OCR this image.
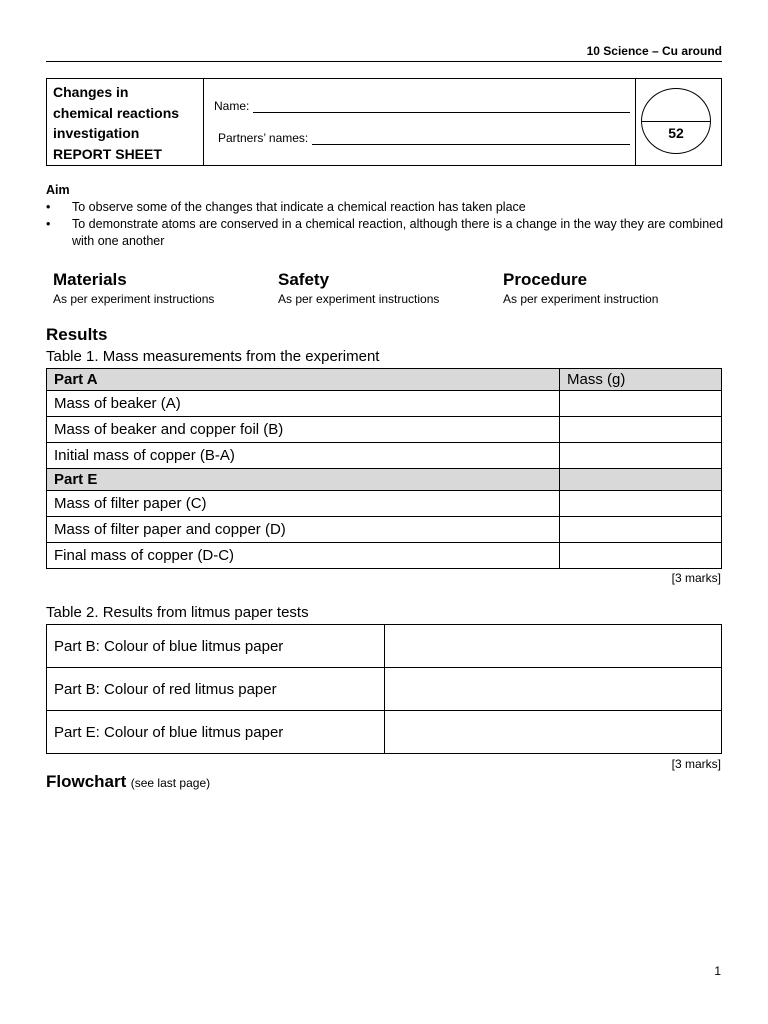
10 Science – Cu around
Changes in
chemical reactions
investigation
REPORT SHEET
Name:
Partners’ names:	52
Aim
• To observe some of the changes that indicate a chemical reaction has taken place
• To demonstrate atoms are conserved in a chemical reaction, although there is a change in the way they are combined with one another
Materials
As per experiment instructions
Safety
As per experiment instructions
Procedure
As per experiment instruction
Results
Table 1. Mass measurements from the experiment
Part A	Mass (g)
Mass of beaker (A)	
Mass of beaker and copper foil (B)	
Initial mass of copper (B-A)	
Part E	
Mass of filter paper (C)	
Mass of filter paper and copper (D)	
Final mass of copper (D-C)	
[3 marks]
Table 2. Results from litmus paper tests
Part B: Colour of blue litmus paper	
Part B: Colour of red litmus paper	
Part E: Colour of blue litmus paper	
[3 marks]
Flowchart (see last page)
1
